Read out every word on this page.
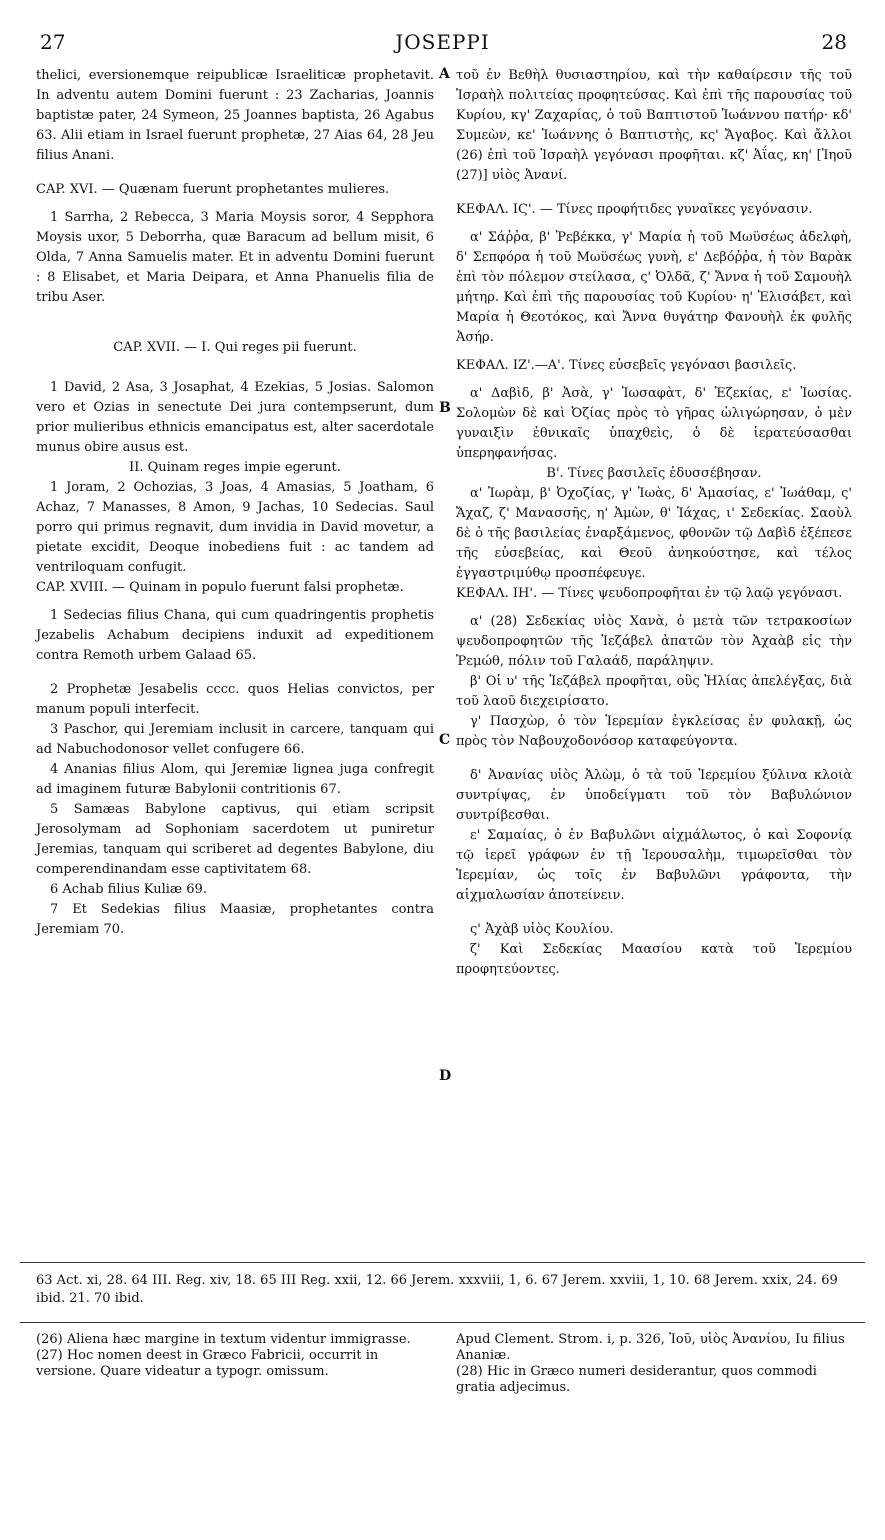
27	JOSEPPI	28
A
B
C
D

thelici, eversionemque reipublicæ Israeliticæ prophetavit. In adventu autem Domini fuerunt : 23 Zacharias, Joannis baptistæ pater, 24 Symeon, 25 Joannes baptista, 26 Agabus 63. Alii etiam in Israel fuerunt prophetæ, 27 Aias 64, 28 Jeu filius Anani.

CAP. XVI. — Quænam fuerunt prophetantes mulieres.

1 Sarrha, 2 Rebecca, 3 Maria Moysis soror, 4 Sepphora Moysis uxor, 5 Deborrha, quæ Baracum ad bellum misit, 6 Olda, 7 Anna Samuelis mater. Et in adventu Domini fuerunt : 8 Elisabet, et Maria Deipara, et Anna Phanuelis filia de tribu Aser.

CAP. XVII. — I. Qui reges pii fuerunt.

1 David, 2 Asa, 3 Josaphat, 4 Ezekias, 5 Josias. Salomon vero et Ozias in senectute Dei jura contempserunt, dum prior mulieribus ethnicis emancipatus est, alter sacerdotale munus obire ausus est.

II. Quinam reges impie egerunt.

1 Joram, 2 Ochozias, 3 Joas, 4 Amasias, 5 Joatham, 6 Achaz, 7 Manasses, 8 Amon, 9 Jachas, 10 Sedecias. Saul porro qui primus regnavit, dum invidia in David movetur, a pietate excidit, Deoque inobediens fuit : ac tandem ad ventriloquam confugit.

CAP. XVIII. — Quinam in populo fuerunt falsi prophetæ.

1 Sedecias filius Chana, qui cum quadringentis prophetis Jezabelis Achabum decipiens induxit ad expeditionem contra Remoth urbem Galaad 65.

2 Prophetæ Jesabelis cccc. quos Helias convictos, per manum populi interfecit.

3 Paschor, qui Jeremiam inclusit in carcere, tanquam qui ad Nabuchodonosor vellet confugere 66.

4 Ananias filius Alom, qui Jeremiæ lignea juga confregit ad imaginem futuræ Babylonii contritionis 67.

5 Samæas Babylone captivus, qui etiam scripsit Jerosolymam ad Sophoniam sacerdotem ut puniretur Jeremias, tanquam qui scriberet ad degentes Babylone, diu comperendinandam esse captivitatem 68.

6 Achab filius Kuliæ 69.

7 Et Sedekias filius Maasiæ, prophetantes contra Jeremiam 70.

τοῦ ἐν Βεθὴλ θυσιαστηρίου, καὶ τὴν καθαίρεσιν τῆς τοῦ Ἰσραὴλ πολιτείας προφητεύσας. Καὶ ἐπὶ τῆς παρουσίας τοῦ Κυρίου, κγ' Ζαχαρίας, ὁ τοῦ Βαπτιστοῦ Ἰωάννου πατήρ· κδ' Συμεὼν, κε' Ἰωάννης ὁ Βαπτιστὴς, κς' Ἄγαβος. Καὶ ἄλλοι (26) ἐπὶ τοῦ Ἰσραὴλ γεγόνασι προφῆται. κζ' Ἀΐας, κη' [Ἰηοῦ (27)] υἱὸς Ἀνανί.

ΚΕΦΑΛ. ΙϚ'. — Τίνες προφήτιδες γυναῖκες γεγόνασιν.

α' Σάῤῥα, β' Ῥεβέκκα, γ' Μαρία ἡ τοῦ Μωϋσέως ἀδελφὴ, δ' Σεπφόρα ἡ τοῦ Μωϋσέως γυνὴ, ε' Δεβόῤῥα, ἡ τὸν Βαρὰκ ἐπὶ τὸν πόλεμον στείλασα, ς' Ὀλδᾶ, ζ' Ἄννα ἡ τοῦ Σαμουὴλ μήτηρ. Καὶ ἐπὶ τῆς παρουσίας τοῦ Κυρίου· η' Ἐλισάβετ, καὶ Μαρία ἡ Θεοτόκος, καὶ Ἄννα θυγάτηρ Φανουὴλ ἐκ φυλῆς Ἀσήρ.

ΚΕΦΑΛ. ΙΖ'.—Α'. Τίνες εὐσεβεῖς γεγόνασι βασιλεῖς.

α' Δαβὶδ, β' Ἀσὰ, γ' Ἰωσαφὰτ, δ' Ἐζεκίας, ε' Ἰωσίας. Σολομὼν δὲ καὶ Ὀζίας πρὸς τὸ γῆρας ὠλιγώρησαν, ὁ μὲν γυναιξὶν ἐθνικαῖς ὑπαχθεὶς, ὁ δὲ ἱερατεύσασθαι ὑπερηφανήσας.

Β'. Τίνες βασιλεῖς ἐδυσσέβησαν.

α' Ἰωρὰμ, β' Ὀχοζίας, γ' Ἰωὰς, δ' Ἀμασίας, ε' Ἰωάθαμ, ς' Ἄχαζ, ζ' Μανασσῆς, η' Ἀμὼν, θ' Ἰάχας, ι' Σεδεκίας. Σαοὺλ δὲ ὁ τῆς βασιλείας ἐναρξάμενος, φθονῶν τῷ Δαβὶδ ἐξέπεσε τῆς εὐσεβείας, καὶ Θεοῦ ἀνηκούστησε, καὶ τέλος ἐγγαστριμύθῳ προσπέφευγε.

ΚΕΦΑΛ. ΙΗ'. — Τίνες ψευδοπροφῆται ἐν τῷ λαῷ γεγόνασι.

α' (28) Σεδεκίας υἱὸς Χανὰ, ὁ μετὰ τῶν τετρακοσίων ψευδοπροφητῶν τῆς Ἰεζάβελ ἀπατῶν τὸν Ἀχαὰβ εἰς τὴν Ῥεμώθ, πόλιν τοῦ Γαλαάδ, παράληψιν.

β' Οἱ υ' τῆς Ἰεζάβελ προφῆται, οὓς Ἠλίας ἀπελέγξας, διὰ τοῦ λαοῦ διεχειρίσατο.

γ' Πασχὼρ, ὁ τὸν Ἱερεμίαν ἐγκλείσας ἐν φυλακῇ, ὡς πρὸς τὸν Ναβουχοδονόσορ καταφεύγοντα.

δ' Ἀνανίας υἱὸς Ἀλὼμ, ὁ τὰ τοῦ Ἱερεμίου ξύλινα κλοιὰ συντρίψας, ἐν ὑποδείγματι τοῦ τὸν Βαβυλώνιον συντρίβεσθαι.

ε' Σαμαίας, ὁ ἐν Βαβυλῶνι αἰχμάλωτος, ὁ καὶ Σοφονίᾳ τῷ ἱερεῖ γράφων ἐν τῇ Ἱερουσαλὴμ, τιμωρεῖσθαι τὸν Ἱερεμίαν, ὡς τοῖς ἐν Βαβυλῶνι γράφοντα, τὴν αἰχμαλωσίαν ἀποτείνειν.

ς' Ἀχὰβ υἱὸς Κουλίου.

ζ' Καὶ Σεδεκίας Μαασίου κατὰ τοῦ Ἱερεμίου προφητεύοντες.

63 Act. xi, 28. 64 III. Reg. xiv, 18. 65 III Reg. xxii, 12. 66 Jerem. xxxviii, 1, 6. 67 Jerem. xxviii, 1, 10. 68 Jerem. xxix, 24. 69 ibid. 21. 70 ibid.

(26) Aliena hæc margine in textum videntur immigrasse.

(27) Hoc nomen deest in Græco Fabricii, occurrit in versione. Quare videatur a typogr. omissum.

Apud Clement. Strom. i, p. 326, Ἰοῦ, υἱὸς Ἀνανίου, Iu filius Ananiæ.

(28) Hic in Græco numeri desiderantur, quos commodi gratia adjecimus.
